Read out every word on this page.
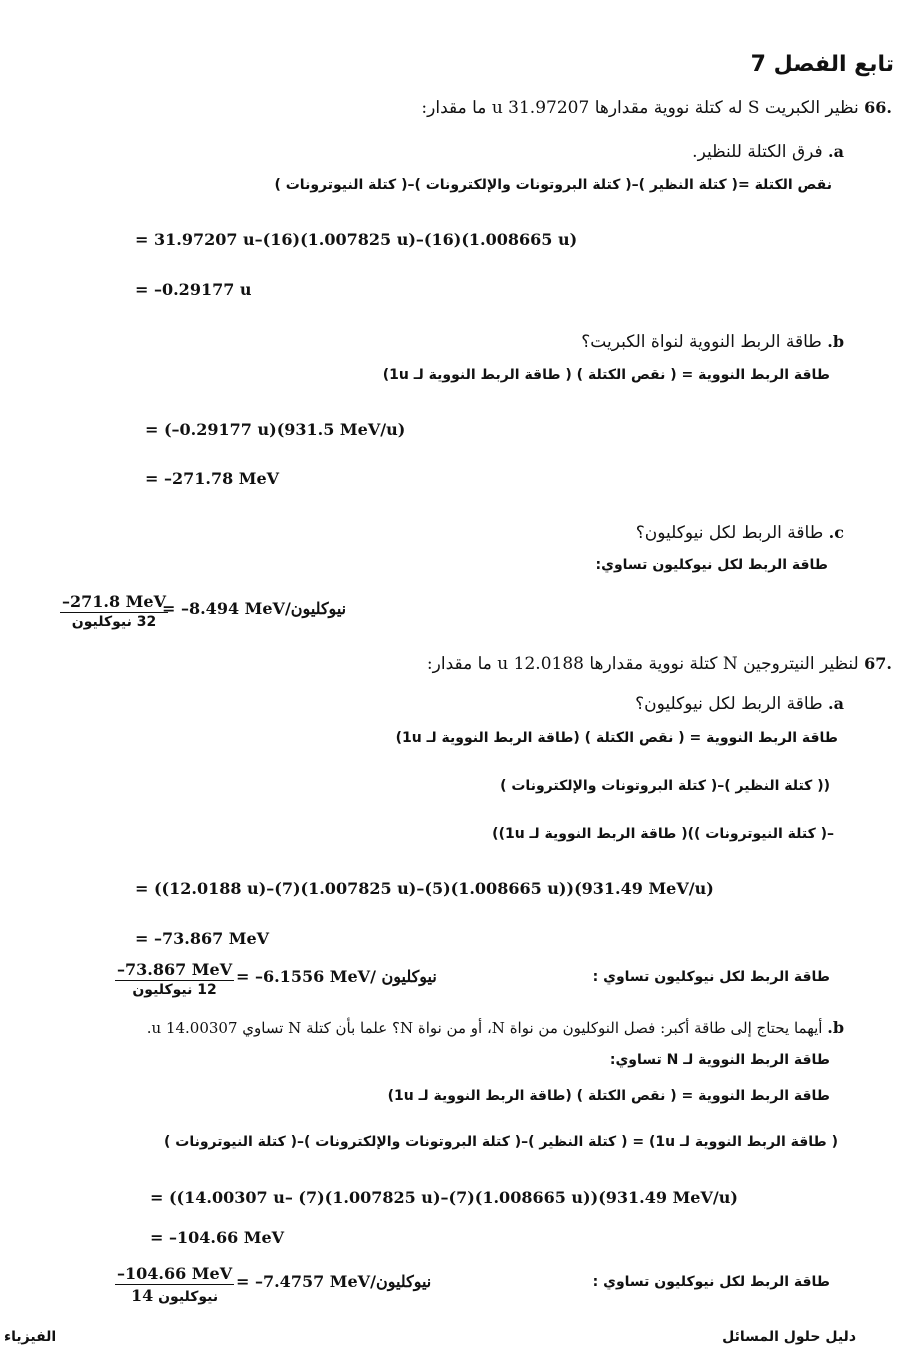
تابع الفصل 7
.66 نظير الكبريت S له كتلة نووية مقدارها 31.97207 u ما مقدار:
a. فرق الكتلة للنظير.
نقص الكتلة =( كتلة النظير )–( كتلة البروتونات والإلكترونات )–( كتلة النيوترونات )
= 31.97207 u–(16)(1.007825 u)–(16)(1.008665 u)
= –0.29177 u
b. طاقة الربط النووية لنواة الكبريت؟
طاقة الربط النووية = ( نقص الكتلة ) ( طاقة الربط النووية لـ 1u)
= (–0.29177 u)(931.5 MeV/u)
= –271.78 MeV
c. طاقة الربط لكل نيوكليون؟
طاقة الربط لكل نيوكليون تساوي:
–271.8 MeV
32 نيوكليون
= –8.494 MeV/نيوكليون
.67 لنظير النيتروجين N كتلة نووية مقدارها 12.0188 u ما مقدار:
a. طاقة الربط لكل نيوكليون؟
طاقة الربط النووية = ( نقص الكتلة ) (طاقة الربط النووية لـ 1u)
(( كتلة النظير )–( كتلة البروتونات والإلكترونات )
–( كتلة النيوترونات ))( طاقة الربط النووية لـ 1u))
= ((12.0188 u)–(7)(1.007825 u)–(5)(1.008665 u))(931.49 MeV/u)
= –73.867 MeV
–73.867 MeV
12 نيوكليون
= –6.1556 MeV/ نيوكليون	طاقة الربط لكل نيوكليون تساوي :
b. أيهما يحتاج إلى طاقة أكبر: فصل النوكليون من نواة N، أو من نواة N؟ علما بأن كتلة N تساوي 14.00307 u.
طاقة الربط النووية لـ N تساوي:
طاقة الربط النووية = ( نقص الكتلة ) (طاقة الربط النووية لـ 1u)
( طاقة الربط النووية لـ 1u) = ( كتلة النظير )–( كتلة البروتونات والإلكترونات )–( كتلة النيوترونات )
= ((14.00307 u– (7)(1.007825 u)–(7)(1.008665 u))(931.49 MeV/u)
= –104.66 MeV
–104.66 MeV
14 نيوكليون
= –7.4757 MeV/نيوكليون	طاقة الربط لكل نيوكليون تساوي :
دليل حلول المسائل
الفيزياء
